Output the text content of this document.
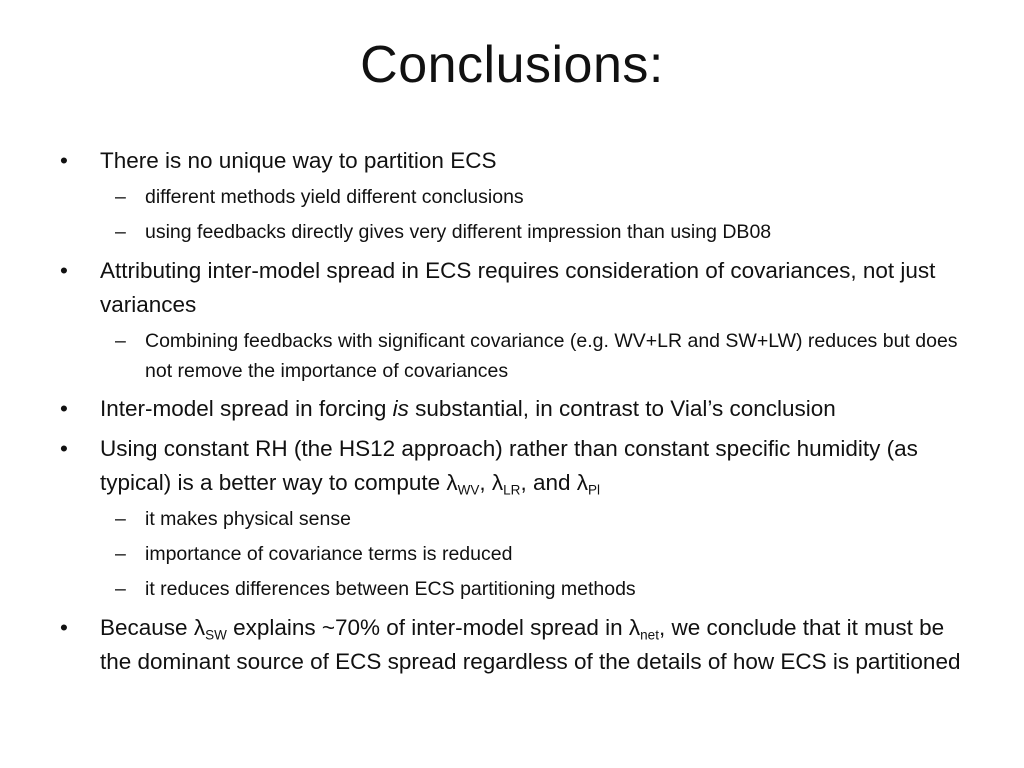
Conclusions:
• There is no unique way to partition ECS
– different methods yield different conclusions
– using feedbacks directly gives very different impression than using DB08
• Attributing inter-model spread in ECS requires consideration of covariances, not just variances
– Combining feedbacks with significant covariance (e.g. WV+LR and SW+LW) reduces but does not remove the importance of covariances
• Inter-model spread in forcing is substantial, in contrast to Vial’s conclusion
• Using constant RH (the HS12 approach) rather than constant specific humidity (as typical) is a better way to compute $\lambda_{WV}$, $\lambda_{LR}$, and $\lambda_{Pl}$
– it makes physical sense
– importance of covariance terms is reduced
– it reduces differences between ECS partitioning methods
• Because $\lambda_{SW}$ explains ~70% of inter-model spread in $\lambda_{net}$, we conclude that it must be the dominant source of ECS spread regardless of the details of how ECS is partitioned
